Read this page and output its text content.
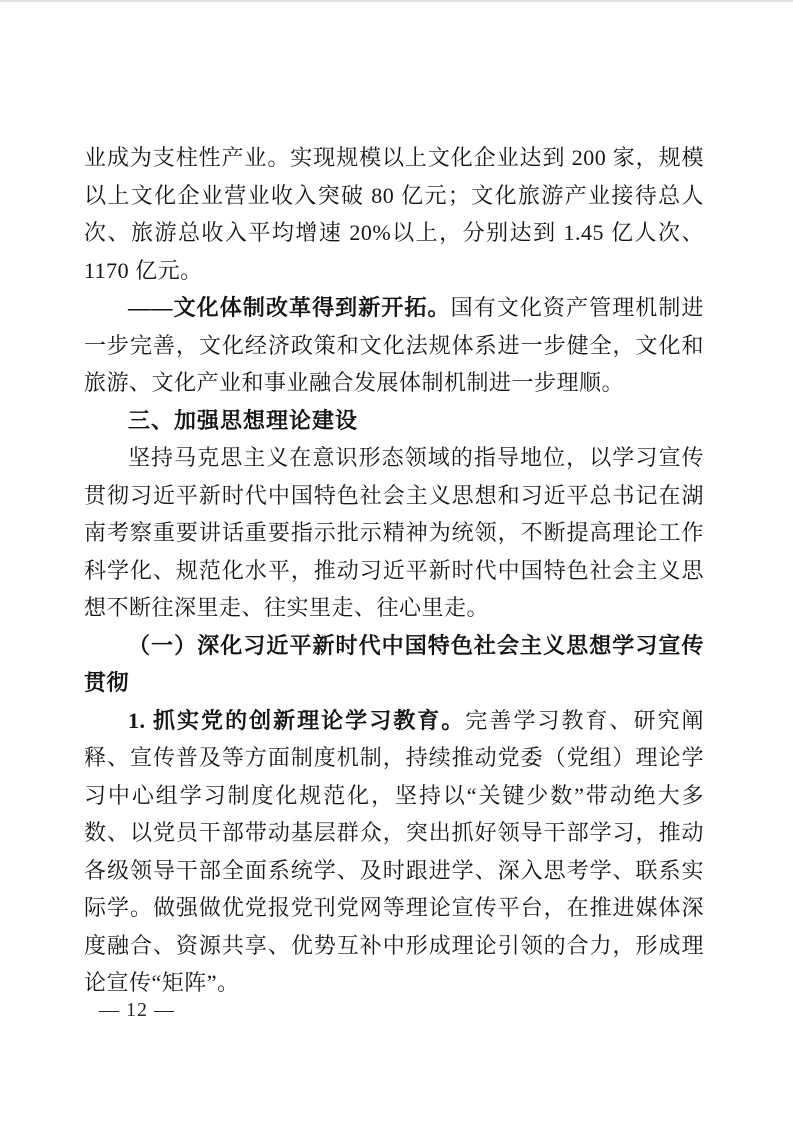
业成为支柱性产业。实现规模以上文化企业达到 200 家，规模以上文化企业营业收入突破 80 亿元；文化旅游产业接待总人次、旅游总收入平均增速 20%以上，分别达到 1.45 亿人次、1170 亿元。

——文化体制改革得到新开拓。国有文化资产管理机制进一步完善，文化经济政策和文化法规体系进一步健全，文化和旅游、文化产业和事业融合发展体制机制进一步理顺。

三、加强思想理论建设

坚持马克思主义在意识形态领域的指导地位，以学习宣传贯彻习近平新时代中国特色社会主义思想和习近平总书记在湖南考察重要讲话重要指示批示精神为统领，不断提高理论工作科学化、规范化水平，推动习近平新时代中国特色社会主义思想不断往深里走、往实里走、往心里走。

（一）深化习近平新时代中国特色社会主义思想学习宣传贯彻

1. 抓实党的创新理论学习教育。完善学习教育、研究阐释、宣传普及等方面制度机制，持续推动党委（党组）理论学习中心组学习制度化规范化，坚持以“关键少数”带动绝大多数、以党员干部带动基层群众，突出抓好领导干部学习，推动各级领导干部全面系统学、及时跟进学、深入思考学、联系实际学。做强做优党报党刊党网等理论宣传平台，在推进媒体深度融合、资源共享、优势互补中形成理论引领的合力，形成理论宣传“矩阵”。

— 12 —
